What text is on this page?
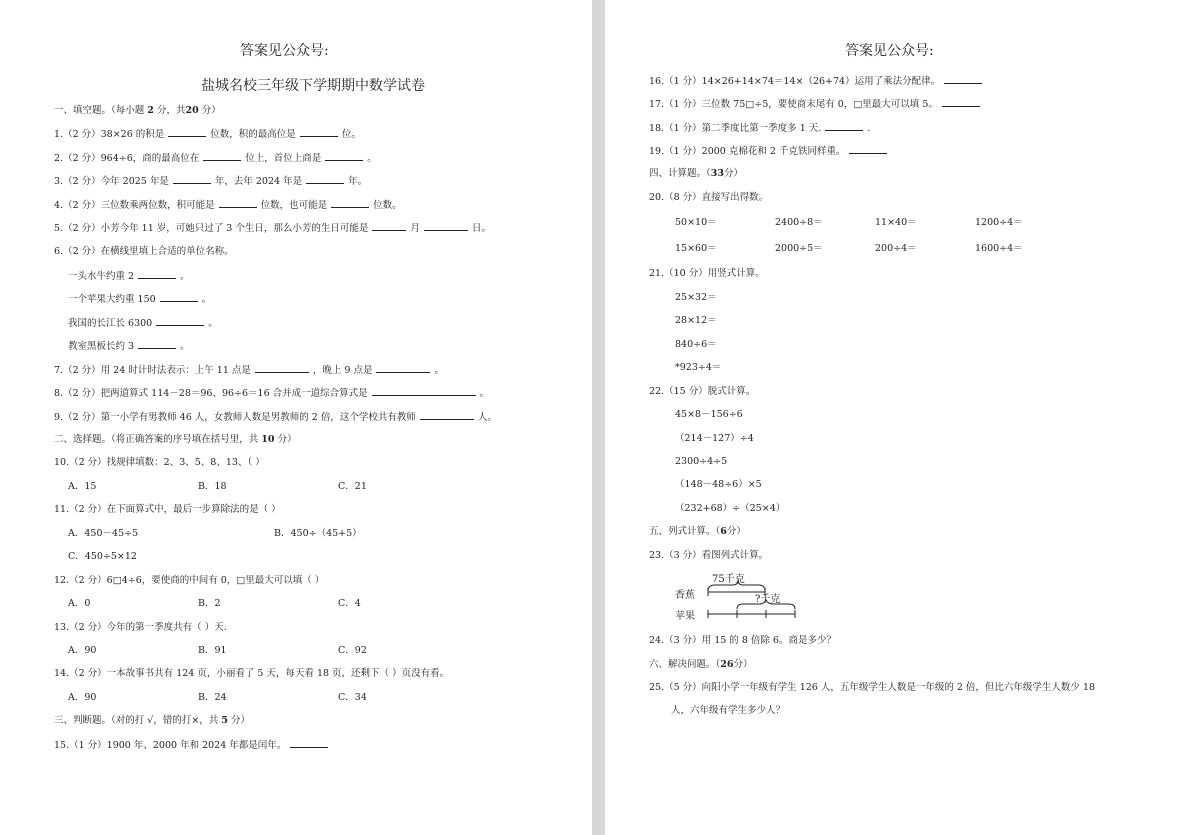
答案见公众号:
盐城名校三年级下学期期中数学试卷
一、填空题。（每小题 2 分，共20 分）
1.（2 分）38×26 的积是	位数，积的最高位是	位。
2.（2 分）964÷6，商的最高位在	位上，首位上商是	。
3.（2 分）今年 2025 年是	年，去年 2024 年是	年。
4.（2 分）三位数乘两位数，积可能是	位数，也可能是	位数。
5.（2 分）小芳今年 11 岁，可她只过了 3 个生日，那么小芳的生日可能是	月	日。
6.（2 分）在横线里填上合适的单位名称。
一头水牛约重 2	。
一个苹果大约重 150	。
我国的长江长 6300	。
教室黑板长约 3	。
7.（2 分）用 24 时计时法表示：上午 11 点是	，晚上 9 点是	。
8.（2 分）把两道算式 114－28＝96、96÷6＝16 合并成一道综合算式是	。
9.（2 分）第一小学有男教师 46 人，女教师人数是男教师的 2 倍，这个学校共有教师	人。
二、选择题。（将正确答案的序号填在括号里，共 10 分）
10.（2 分）找规律填数：2、3、5、8、13、（ ）
A．15	B．18	C．21
11.（2 分）在下面算式中，最后一步算除法的是（ ）
A．450－45÷5	B．450÷（45+5）
C．450÷5×12
12.（2 分）6□4÷6，要使商的中间有 0，□里最大可以填（ ）
A．0	B．2	C．4
13.（2 分）今年的第一季度共有（ ）天．
A．90	B．91	C．92
14.（2 分）一本故事书共有 124 页，小丽看了 5 天，每天看 18 页，还剩下（ ）页没有看。
A．90	B．24	C．34
三、判断题。（对的打 √，错的打×，共 5 分）
15.（1 分）1900 年、2000 年和 2024 年都是闰年。
答案见公众号:
16.（1 分）14×26+14×74＝14×（26+74）运用了乘法分配律。
17.（1 分）三位数 75□÷5，要使商末尾有 0，□里最大可以填 5。
18.（1 分）第二季度比第一季度多 1 天.	.
19.（1 分）2000 克棉花和 2 千克铁同样重。
四、计算题。（33分）
20.（8 分）直接写出得数。
50×10＝	2400÷8＝	11×40＝	1200÷4＝
15×60＝	2000÷5＝	200÷4＝	1600÷4＝
21.（10 分）用竖式计算。
25×32＝
28×12＝
840÷6＝
*923÷4＝
22.（15 分）脱式计算。
45×8－156÷6
（214－127）÷4
2300÷4÷5
（148－48÷6）×5
（232+68）÷（25×4）
五、列式计算。（6分）
23.（3 分）看图列式计算。
75千克
香蕉
苹果
?千克
24.（3 分）用 15 的 8 倍除 6。商是多少？
六、解决问题。（26分）
25.（5 分）向阳小学一年级有学生 126 人，五年级学生人数是一年级的 2 倍，但比六年级学生人数少 18
人，六年级有学生多少人？
